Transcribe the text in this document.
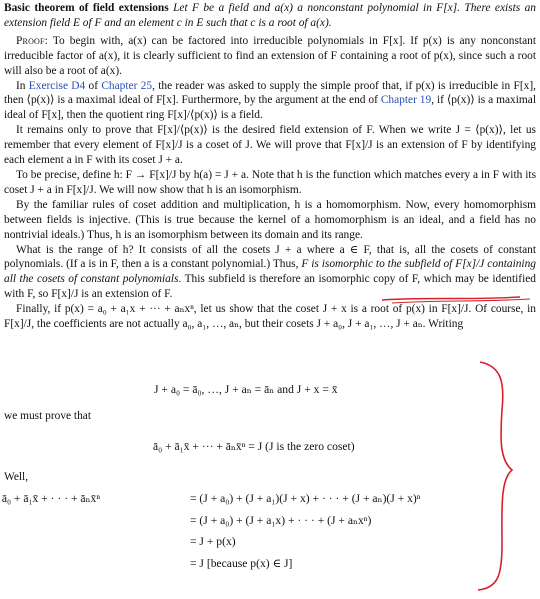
Basic theorem of field extensions Let F be a field and a(x) a nonconstant polynomial in F[x]. There exists an extension field E of F and an element c in E such that c is a root of a(x).

Proof: To begin with, a(x) can be factored into irreducible polynomials in F[x]. If p(x) is any nonconstant irreducible factor of a(x), it is clearly sufficient to find an extension of F containing a root of p(x), since such a root will also be a root of a(x).

In Exercise D4 of Chapter 25, the reader was asked to supply the simple proof that, if p(x) is irreducible in F[x], then ⟨p(x)⟩ is a maximal ideal of F[x]. Furthermore, by the argument at the end of Chapter 19, if ⟨p(x)⟩ is a maximal ideal of F[x], then the quotient ring F[x]/⟨p(x)⟩ is a field.

It remains only to prove that F[x]/⟨p(x)⟩ is the desired field extension of F. When we write J = ⟨p(x)⟩, let us remember that every element of F[x]/J is a coset of J. We will prove that F[x]/J is an extension of F by identifying each element a in F with its coset J + a.

To be precise, define h: F → F[x]/J by h(a) = J + a. Note that h is the function which matches every a in F with its coset J + a in F[x]/J. We will now show that h is an isomorphism.

By the familiar rules of coset addition and multiplication, h is a homomorphism. Now, every homomorphism between fields is injective. (This is true because the kernel of a homomorphism is an ideal, and a field has no nontrivial ideals.) Thus, h is an isomorphism between its domain and its range.

What is the range of h? It consists of all the cosets J + a where a ∈ F, that is, all the cosets of constant polynomials. (If a is in F, then a is a constant polynomial.) Thus, F is isomorphic to the subfield of F[x]/J containing all the cosets of constant polynomials. This subfield is therefore an isomorphic copy of F, which may be identified with F, so F[x]/J is an extension of F.

Finally, if p(x) = a₀ + a₁x + ··· + aₙxⁿ, let us show that the coset J + x is a root of p(x) in F[x]/J. Of course, in F[x]/J, the coefficients are not actually a₀, a₁, …, aₙ, but their cosets J + a₀, J + a₁, …, J + aₙ. Writing

J + a₀ = ā₀, …, J + aₙ = āₙ and J + x = x̄
we must prove that
ā₀ + ā₁x̄ + ··· + āₙx̄ⁿ = J (J is the zero coset)
Well,
ā₀ + ā₁x̄ + · · · + āₙx̄ⁿ	= (J + a₀) + (J + a₁)(J + x) + · · · + (J + aₙ)(J + x)ⁿ
= (J + a₀) + (J + a₁x) + · · · + (J + aₙxⁿ)
= J + p(x)
= J [because p(x) ∈ J]
